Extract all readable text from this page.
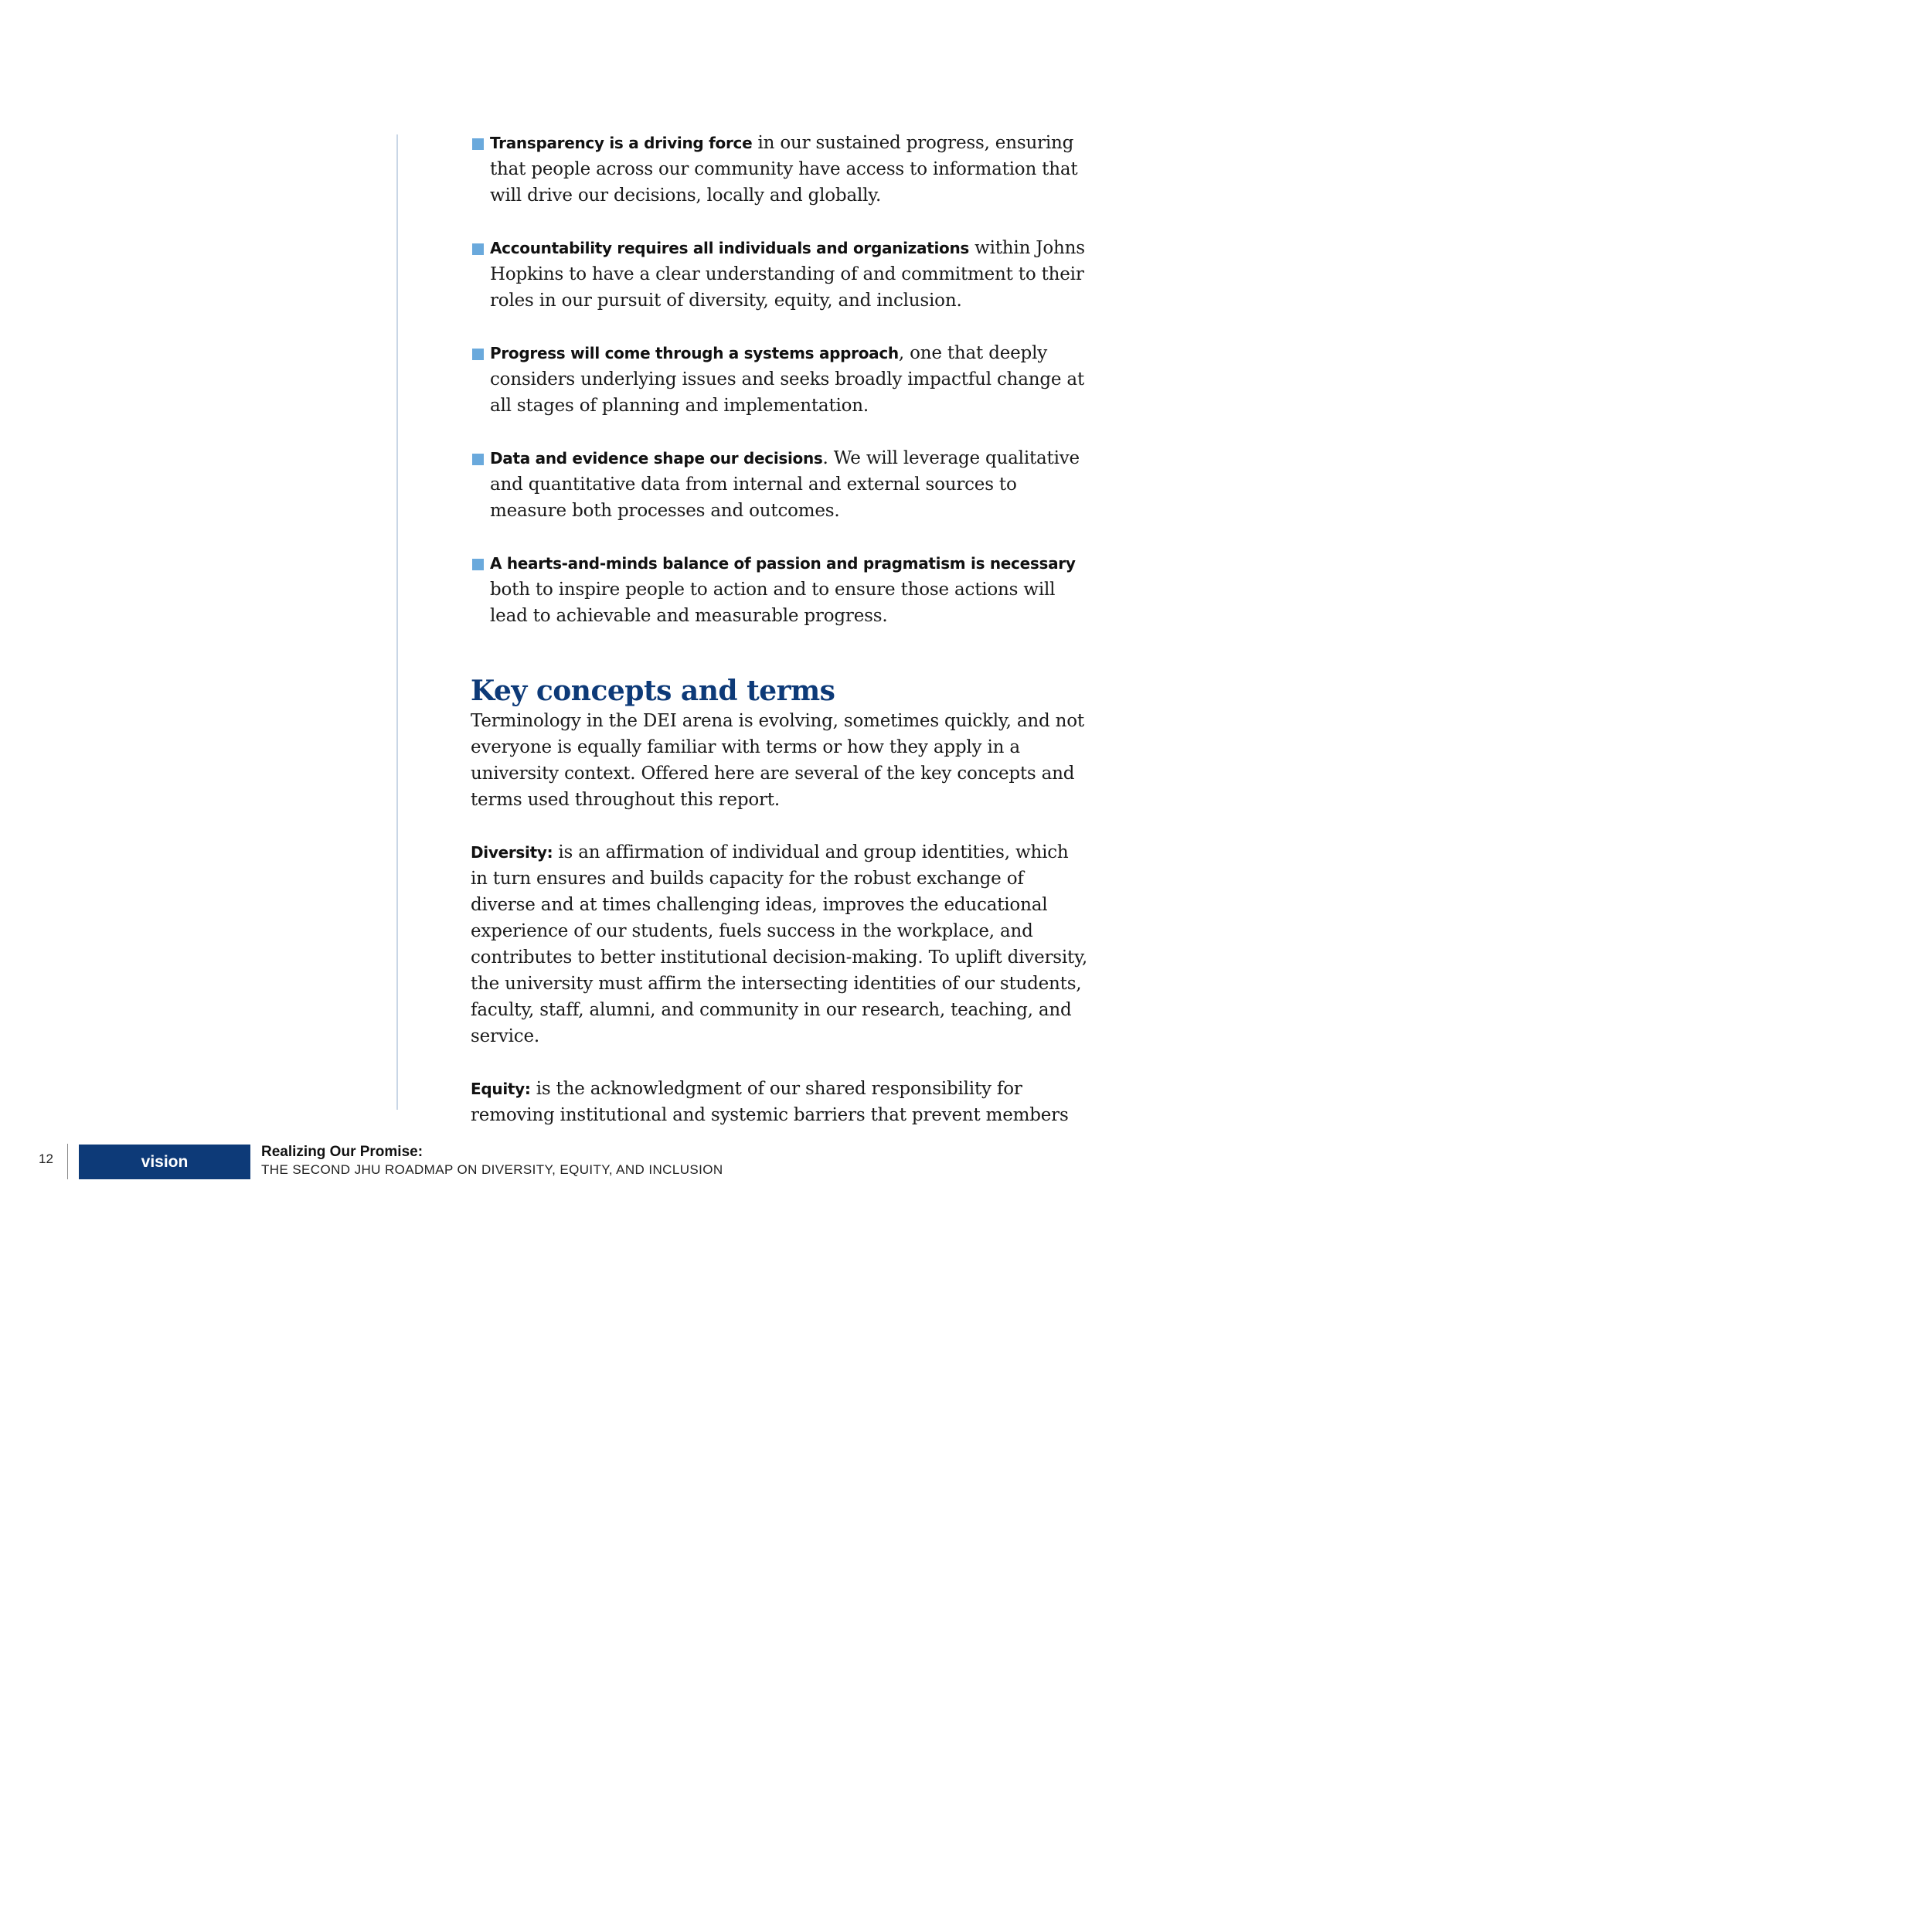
Transparency is a driving force in our sustained progress, ensuring that people across our community have access to information that will drive our decisions, locally and globally.

Accountability requires all individuals and organizations within Johns Hopkins to have a clear understanding of and commitment to their roles in our pursuit of diversity, equity, and inclusion.

Progress will come through a systems approach, one that deeply considers underlying issues and seeks broadly impactful change at all stages of planning and implementation.

Data and evidence shape our decisions. We will leverage qualitative and quantitative data from internal and external sources to measure both processes and outcomes.

A hearts-and-minds balance of passion and pragmatism is necessary both to inspire people to action and to ensure those actions will lead to achievable and measurable progress.

Key concepts and terms

Terminology in the DEI arena is evolving, sometimes quickly, and not everyone is equally familiar with terms or how they apply in a university context. Offered here are several of the key concepts and terms used throughout this report.

Diversity: is an affirmation of individual and group identities, which in turn ensures and builds capacity for the robust exchange of diverse and at times challenging ideas, improves the educational experience of our students, fuels success in the workplace, and contributes to better institutional decision-making. To uplift diversity, the university must affirm the intersecting identities of our students, faculty, staff, alumni, and community in our research, teaching, and service.

Equity: is the acknowledgment of our shared responsibility for removing institutional and systemic barriers that prevent members

12	vision
Realizing Our Promise:
THE SECOND JHU ROADMAP ON DIVERSITY, EQUITY, AND INCLUSION
